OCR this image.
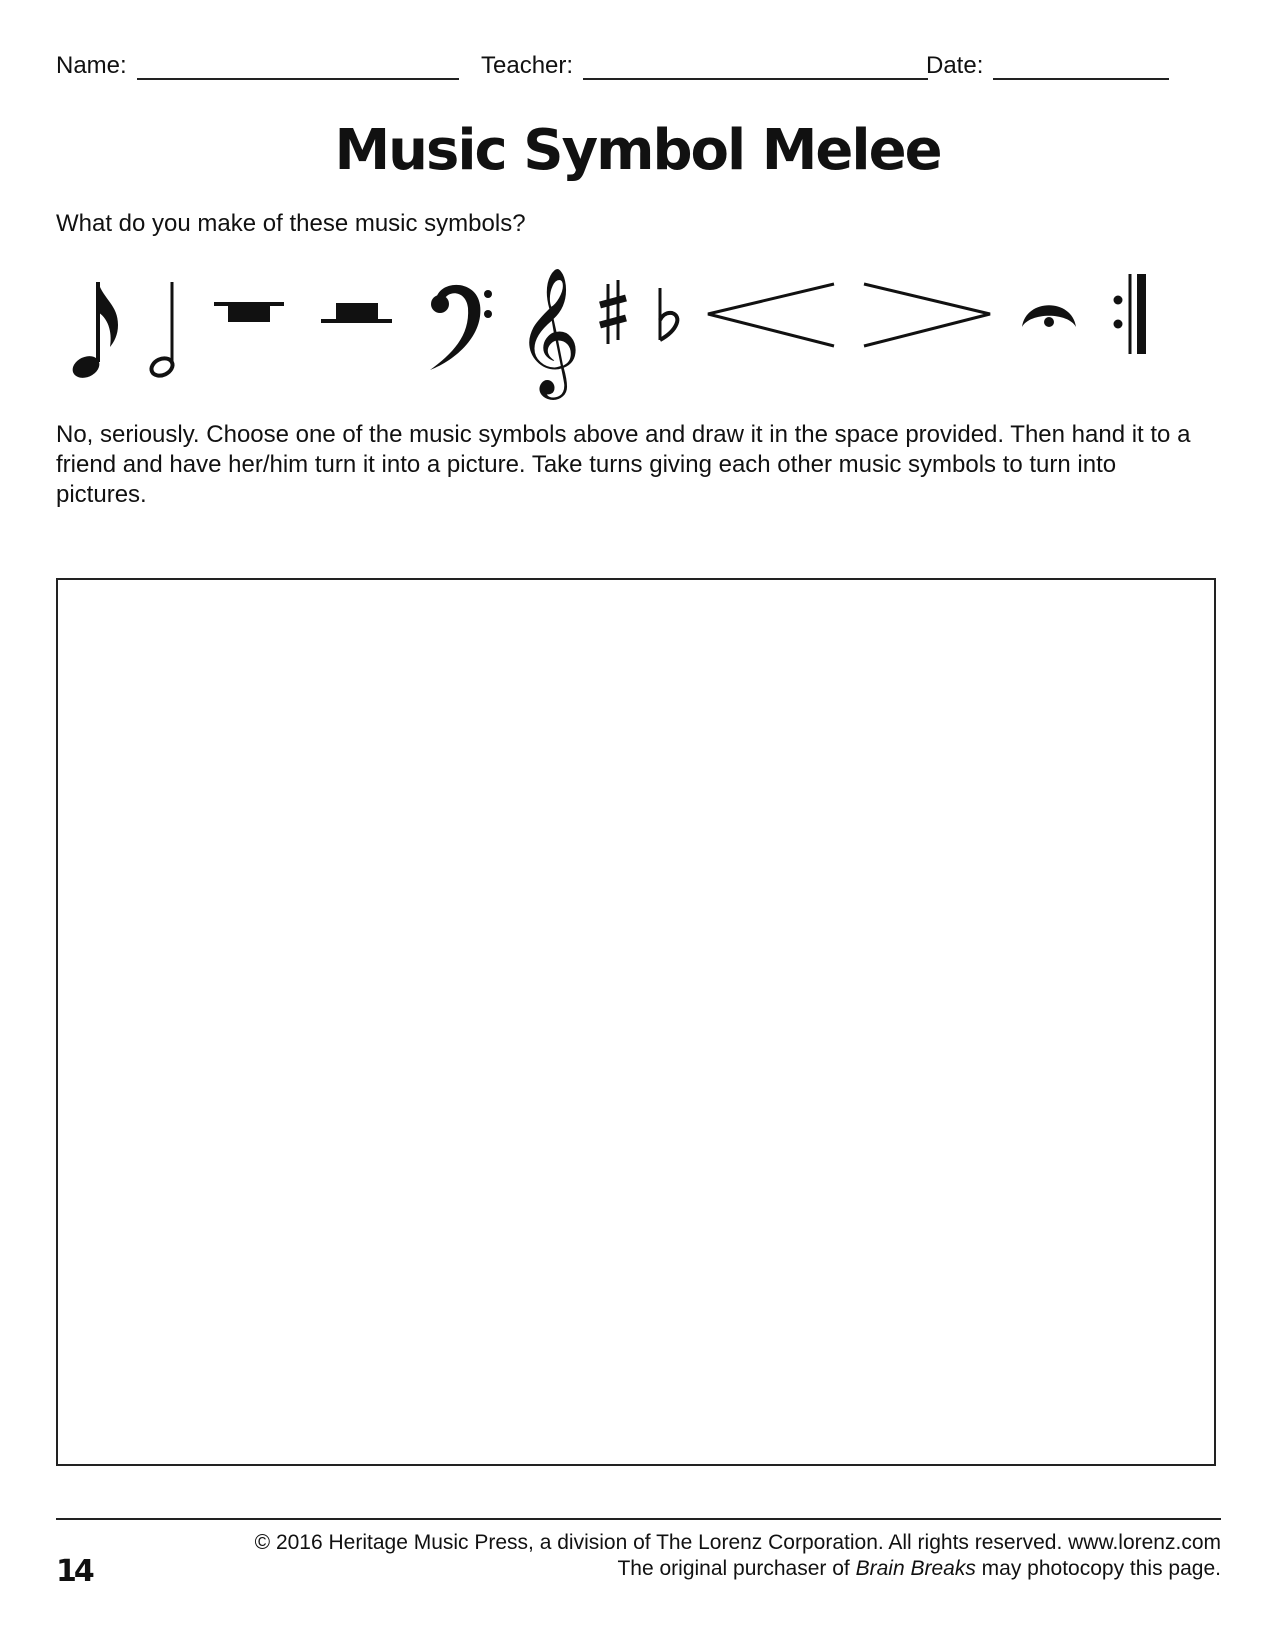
Name:	Teacher:	Date:
Music Symbol Melee

What do you make of these music symbols?

𝄞

No, seriously. Choose one of the music symbols above and draw it in the space provided. Then hand it to a friend and have her/him turn it into a picture. Take turns giving each other music symbols to turn into pictures.

14
© 2016 Heritage Music Press, a division of The Lorenz Corporation. All rights reserved. www.lorenz.com
The original purchaser of Brain Breaks may photocopy this page.
